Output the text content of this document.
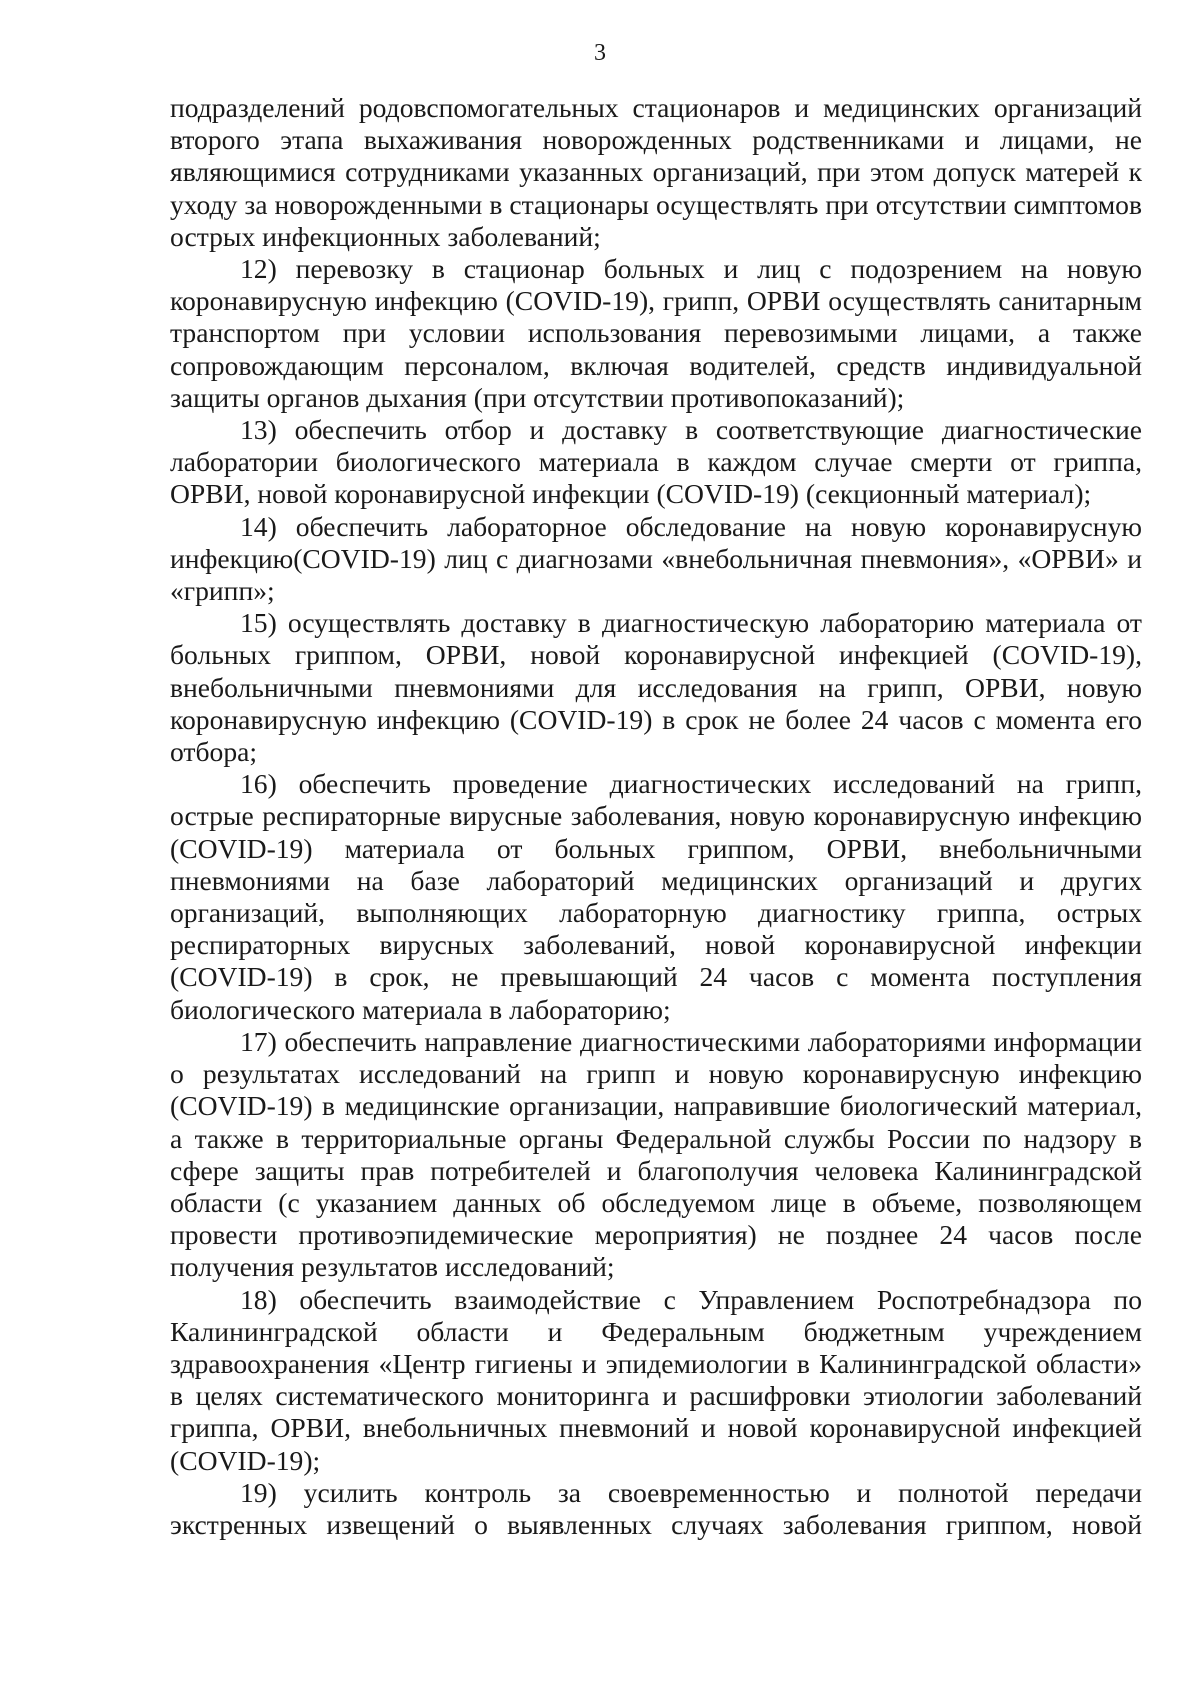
3

подразделений родовспомогательных стационаров и медицинских организаций второго этапа выхаживания новорожденных родственниками и лицами, не являющимися сотрудниками указанных организаций, при этом допуск матерей к уходу за новорожденными в стационары осуществлять при отсутствии симптомов острых инфекционных заболеваний;

12) перевозку в стационар больных и лиц с подозрением на новую коронавирусную инфекцию (COVID-19), грипп, ОРВИ осуществлять санитарным транспортом при условии использования перевозимыми лицами, а также сопровождающим персоналом, включая водителей, средств индивидуальной защиты органов дыхания (при отсутствии противопоказаний);

13) обеспечить отбор и доставку в соответствующие диагностические лаборатории биологического материала в каждом случае смерти от гриппа, ОРВИ, новой коронавирусной инфекции (COVID-19) (секционный материал);

14) обеспечить лабораторное обследование на новую коронавирусную инфекцию(COVID-19) лиц с диагнозами «внебольничная пневмония», «ОРВИ» и «грипп»;

15) осуществлять доставку в диагностическую лабораторию материала от больных гриппом, ОРВИ, новой коронавирусной инфекцией (COVID-19), внебольничными пневмониями для исследования на грипп, ОРВИ, новую коронавирусную инфекцию (COVID-19) в срок не более 24 часов с момента его отбора;

16) обеспечить проведение диагностических исследований на грипп, острые респираторные вирусные заболевания, новую коронавирусную инфекцию (COVID-19) материала от больных гриппом, ОРВИ, внебольничными пневмониями на базе лабораторий медицинских организаций и других организаций, выполняющих лабораторную диагностику гриппа, острых респираторных вирусных заболеваний, новой коронавирусной инфекции (COVID-19) в срок, не превышающий 24 часов с момента поступления биологического материала в лабораторию;

17) обеспечить направление диагностическими лабораториями информации о результатах исследований на грипп и новую коронавирусную инфекцию (COVID-19) в медицинские организации, направившие биологический материал, а также в территориальные органы Федеральной службы России по надзору в сфере защиты прав потребителей и благополучия человека Калининградской области (с указанием данных об обследуемом лице в объеме, позволяющем провести противоэпидемические мероприятия) не позднее 24 часов после получения результатов исследований;

18) обеспечить взаимодействие с Управлением Роспотребнадзора по Калининградской области и Федеральным бюджетным учреждением здравоохранения «Центр гигиены и эпидемиологии в Калининградской области» в целях систематического мониторинга и расшифровки этиологии заболеваний гриппа, ОРВИ, внебольничных пневмоний и новой коронавирусной инфекцией (COVID-19);

19) усилить контроль за своевременностью и полнотой передачи экстренных извещений о выявленных случаях заболевания гриппом, новой
